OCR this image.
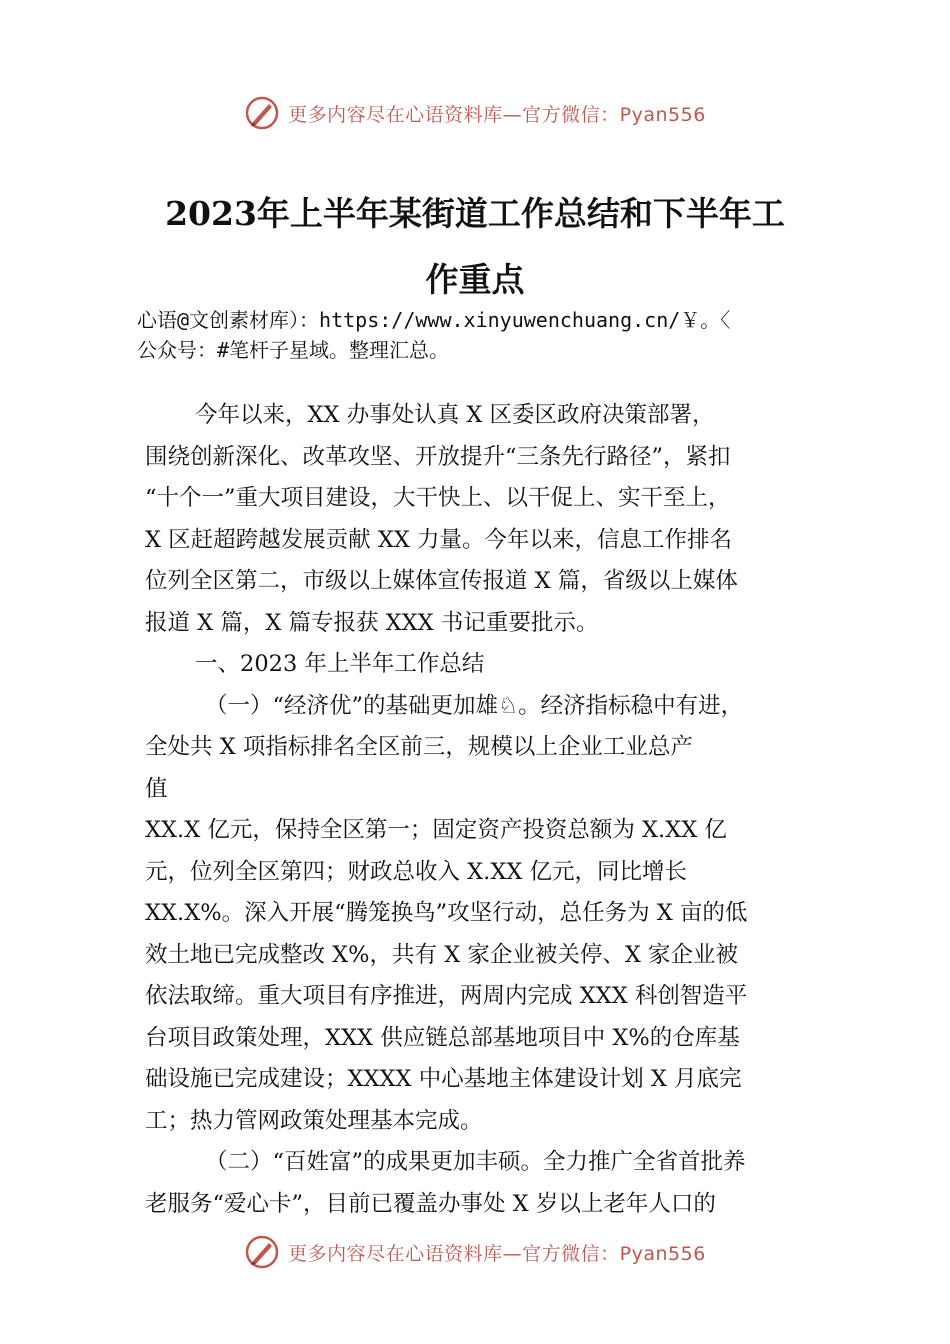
更多内容尽在心语资料库—官方微信：Pyan556
2023年上半年某街道工作总结和下半年工
作重点
心语@文创素材库）：https://www.xinyuwenchuang.cn/￥。〈
公众号：#笔杆子星域。整理汇总。

今年以来，XX 办事处认真 X 区委区政府决策部署，

围绕创新深化、改革攻坚、开放提升“三条先行路径”，紧扣

“十个一”重大项目建设，大干快上、以干促上、实干至上，

X 区赶超跨越发展贡献 XX 力量。今年以来，信息工作排名

位列全区第二，市级以上媒体宣传报道 X 篇，省级以上媒体

报道 X 篇，X 篇专报获 XXX 书记重要批示。

一、2023 年上半年工作总结

（一）“经济优”的基础更加雄♘。经济指标稳中有进，

全处共 X 项指标排名全区前三，规模以上企业工业总产

值

XX.X 亿元，保持全区第一；固定资产投资总额为 X.XX 亿

元，位列全区第四；财政总收入 X.XX 亿元，同比增长

XX.X%。深入开展“腾笼换鸟”攻坚行动，总任务为 X 亩的低

效土地已完成整改 X%，共有 X 家企业被关停、X 家企业被

依法取缔。重大项目有序推进，两周内完成 XXX 科创智造平

台项目政策处理，XXX 供应链总部基地项目中 X%的仓库基

础设施已完成建设；XXXX 中心基地主体建设计划 X 月底完

工；热力管网政策处理基本完成。

（二）“百姓富”的成果更加丰硕。全力推广全省首批养

老服务“爱心卡”，目前已覆盖办事处 X 岁以上老年人口的

更多内容尽在心语资料库—官方微信：Pyan556
